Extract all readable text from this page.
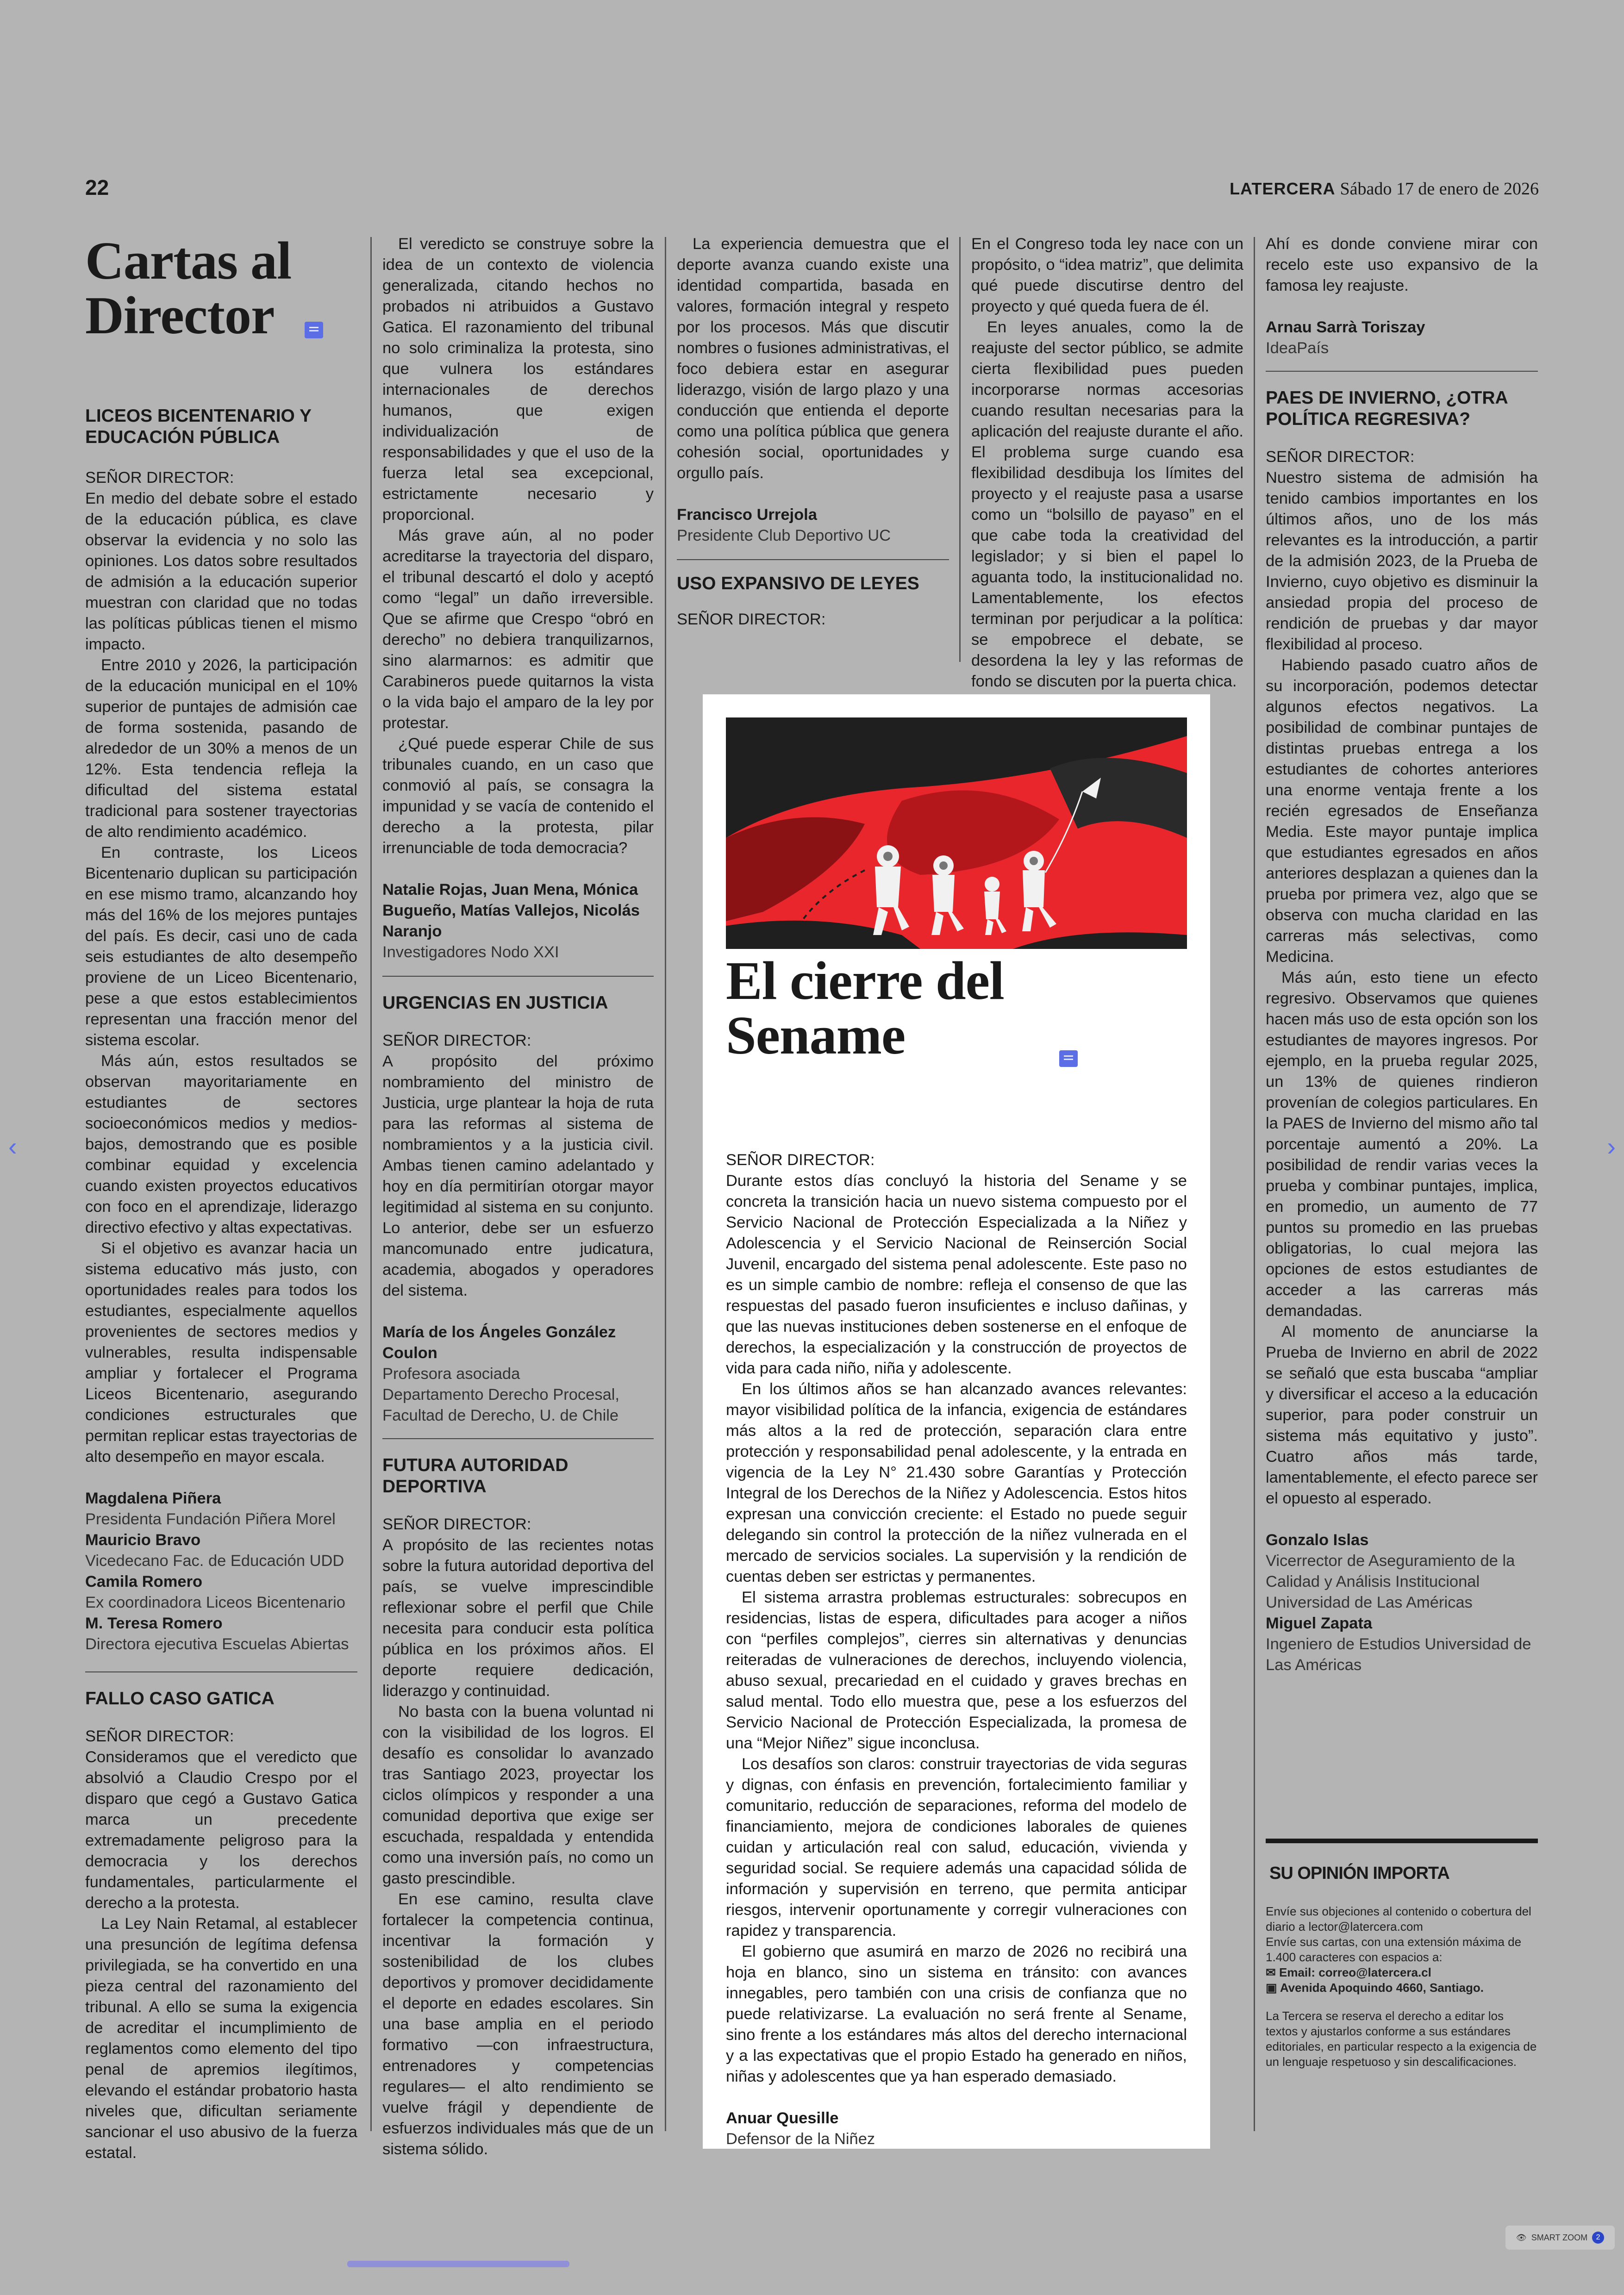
22	LATERCERA Sábado 17 de enero de 2026
Cartas al
Director

LICEOS BICENTENARIO Y
EDUCACIÓN PÚBLICA

SEÑOR DIRECTOR:

En medio del debate sobre el estado de la educación pública, es clave observar la evidencia y no solo las opiniones. Los datos sobre resultados de admisión a la educación superior muestran con claridad que no todas las políticas públicas tienen el mismo impacto.

Entre 2010 y 2026, la participación de la educación municipal en el 10% superior de puntajes de admisión cae de forma sostenida, pasando de alrededor de un 30% a menos de un 12%. Esta tendencia refleja la dificultad del sistema estatal tradicional para sostener trayectorias de alto rendimiento académico.

En contraste, los Liceos Bicentenario duplican su participación en ese mismo tramo, alcanzando hoy más del 16% de los mejores puntajes del país. Es decir, casi uno de cada seis estudiantes de alto desempeño proviene de un Liceo Bicentenario, pese a que estos establecimientos representan una fracción menor del sistema escolar.

Más aún, estos resultados se observan mayoritariamente en estudiantes de sectores socioeconómicos medios y medios-bajos, demostrando que es posible combinar equidad y excelencia cuando existen proyectos educativos con foco en el aprendizaje, liderazgo directivo efectivo y altas expectativas.

Si el objetivo es avanzar hacia un sistema educativo más justo, con oportunidades reales para todos los estudiantes, especialmente aquellos provenientes de sectores medios y vulnerables, resulta indispensable ampliar y fortalecer el Programa Liceos Bicentenario, asegurando condiciones estructurales que permitan replicar estas trayectorias de alto desempeño en mayor escala.

Magdalena Piñera
Presidenta Fundación Piñera Morel

Mauricio Bravo
Vicedecano Fac. de Educación UDD

Camila Romero
Ex coordinadora Liceos Bicentenario

M. Teresa Romero
Directora ejecutiva Escuelas Abiertas

FALLO CASO GATICA

SEÑOR DIRECTOR:

Consideramos que el veredicto que absolvió a Claudio Crespo por el disparo que cegó a Gustavo Gatica marca un precedente extremadamente peligroso para la democracia y los derechos fundamentales, particularmente el derecho a la protesta.

La Ley Nain Retamal, al establecer una presunción de legítima defensa privilegiada, se ha convertido en una pieza central del razonamiento del tribunal. A ello se suma la exigencia de acreditar el incumplimiento de reglamentos como elemento del tipo penal de apremios ilegítimos, elevando el estándar probatorio hasta niveles que, dificultan seriamente sancionar el uso abusivo de la fuerza estatal.

El veredicto se construye sobre la idea de un contexto de violencia generalizada, citando hechos no probados ni atribuidos a Gustavo Gatica. El razonamiento del tribunal no solo criminaliza la protesta, sino que vulnera los estándares internacionales de derechos humanos, que exigen individualización de responsabilidades y que el uso de la fuerza letal sea excepcional, estrictamente necesario y proporcional.

Más grave aún, al no poder acreditarse la trayectoria del disparo, el tribunal descartó el dolo y aceptó como “legal” un daño irreversible. Que se afirme que Crespo “obró en derecho” no debiera tranquilizarnos, sino alarmarnos: es admitir que Carabineros puede quitarnos la vista o la vida bajo el amparo de la ley por protestar.

¿Qué puede esperar Chile de sus tribunales cuando, en un caso que conmovió al país, se consagra la impunidad y se vacía de contenido el derecho a la protesta, pilar irrenunciable de toda democracia?

Natalie Rojas, Juan Mena, Mónica Bugueño, Matías Vallejos, Nicolás Naranjo
Investigadores Nodo XXI

URGENCIAS EN JUSTICIA

SEÑOR DIRECTOR:

A propósito del próximo nombramiento del ministro de Justicia, urge plantear la hoja de ruta para las reformas al sistema de nombramientos y a la justicia civil. Ambas tienen camino adelantado y hoy en día permitirían otorgar mayor legitimidad al sistema en su conjunto. Lo anterior, debe ser un esfuerzo mancomunado entre judicatura, academia, abogados y operadores del sistema.

María de los Ángeles González Coulon
Profesora asociada
Departamento Derecho Procesal,
Facultad de Derecho, U. de Chile

FUTURA AUTORIDAD
DEPORTIVA

SEÑOR DIRECTOR:

A propósito de las recientes notas sobre la futura autoridad deportiva del país, se vuelve imprescindible reflexionar sobre el perfil que Chile necesita para conducir esta política pública en los próximos años. El deporte requiere dedicación, liderazgo y continuidad.

No basta con la buena voluntad ni con la visibilidad de los logros. El desafío es consolidar lo avanzado tras Santiago 2023, proyectar los ciclos olímpicos y responder a una comunidad deportiva que exige ser escuchada, respaldada y entendida como una inversión país, no como un gasto prescindible.

En ese camino, resulta clave fortalecer la competencia continua, incentivar la formación y sostenibilidad de los clubes deportivos y promover decididamente el deporte en edades escolares. Sin una base amplia en el periodo formativo —con infraestructura, entrenadores y competencias regulares— el alto rendimiento se vuelve frágil y dependiente de esfuerzos individuales más que de un sistema sólido.

La experiencia demuestra que el deporte avanza cuando existe una identidad compartida, basada en valores, formación integral y respeto por los procesos. Más que discutir nombres o fusiones administrativas, el foco debiera estar en asegurar liderazgo, visión de largo plazo y una conducción que entienda el deporte como una política pública que genera cohesión social, oportunidades y orgullo país.

Francisco Urrejola
Presidente Club Deportivo UC

USO EXPANSIVO DE LEYES

SEÑOR DIRECTOR:

En el Congreso toda ley nace con un propósito, o “idea matriz”, que delimita qué puede discutirse dentro del proyecto y qué queda fuera de él.

En leyes anuales, como la de reajuste del sector público, se admite cierta flexibilidad pues pueden incorporarse normas accesorias cuando resultan necesarias para la aplicación del reajuste durante el año. El problema surge cuando esa flexibilidad desdibuja los límites del proyecto y el reajuste pasa a usarse como un “bolsillo de payaso” en el que cabe toda la creatividad del legislador; y si bien el papel lo aguanta todo, la institucionalidad no. Lamentablemente, los efectos terminan por perjudicar a la política: se empobrece el debate, se desordena la ley y las reformas de fondo se discuten por la puerta chica.

Ahí es donde conviene mirar con recelo este uso expansivo de la famosa ley reajuste.

Arnau Sarrà Toriszay
IdeaPaís

PAES DE INVIERNO, ¿OTRA
POLÍTICA REGRESIVA?

SEÑOR DIRECTOR:

Nuestro sistema de admisión ha tenido cambios importantes en los últimos años, uno de los más relevantes es la introducción, a partir de la admisión 2023, de la Prueba de Invierno, cuyo objetivo es disminuir la ansiedad propia del proceso de rendición de pruebas y dar mayor flexibilidad al proceso.

Habiendo pasado cuatro años de su incorporación, podemos detectar algunos efectos negativos. La posibilidad de combinar puntajes de distintas pruebas entrega a los estudiantes de cohortes anteriores una enorme ventaja frente a los recién egresados de Enseñanza Media. Este mayor puntaje implica que estudiantes egresados en años anteriores desplazan a quienes dan la prueba por primera vez, algo que se observa con mucha claridad en las carreras más selectivas, como Medicina.

Más aún, esto tiene un efecto regresivo. Observamos que quienes hacen más uso de esta opción son los estudiantes de mayores ingresos. Por ejemplo, en la prueba regular 2025, un 13% de quienes rindieron provenían de colegios particulares. En la PAES de Invierno del mismo año tal porcentaje aumentó a 20%. La posibilidad de rendir varias veces la prueba y combinar puntajes, implica, en promedio, un aumento de 77 puntos su promedio en las pruebas obligatorias, lo cual mejora las opciones de estos estudiantes de acceder a las carreras más demandadas.

Al momento de anunciarse la Prueba de Invierno en abril de 2022 se señaló que esta buscaba “ampliar y diversificar el acceso a la educación superior, para poder construir un sistema más equitativo y justo”. Cuatro años más tarde, lamentablemente, el efecto parece ser el opuesto al esperado.

Gonzalo Islas
Vicerrector de Aseguramiento de la Calidad y Análisis Institucional Universidad de Las Américas

Miguel Zapata
Ingeniero de Estudios Universidad de Las Américas

SU OPINIÓN IMPORTA
Envíe sus objeciones al contenido o cobertura del diario a lector@latercera.com
Envíe sus cartas, con una extensión máxima de 1.400 caracteres con espacios a:
✉ Email: correo@latercera.cl
▣ Avenida Apoquindo 4660, Santiago.
La Tercera se reserva el derecho a editar los textos y ajustarlos conforme a sus estándares editoriales, en particular respecto a la exigencia de un lenguaje respetuoso y sin descalificaciones.
El cierre del
Sename

SEÑOR DIRECTOR:

Durante estos días concluyó la historia del Sename y se concreta la transición hacia un nuevo sistema compuesto por el Servicio Nacional de Protección Especializada a la Niñez y Adolescencia y el Servicio Nacional de Reinserción Social Juvenil, encargado del sistema penal adolescente. Este paso no es un simple cambio de nombre: refleja el consenso de que las respuestas del pasado fueron insuficientes e incluso dañinas, y que las nuevas instituciones deben sostenerse en el enfoque de derechos, la especialización y la construcción de proyectos de vida para cada niño, niña y adolescente.

En los últimos años se han alcanzado avances relevantes: mayor visibilidad política de la infancia, exigencia de estándares más altos a la red de protección, separación clara entre protección y responsabilidad penal adolescente, y la entrada en vigencia de la Ley N° 21.430 sobre Garantías y Protección Integral de los Derechos de la Niñez y Adolescencia. Estos hitos expresan una convicción creciente: el Estado no puede seguir delegando sin control la protección de la niñez vulnerada en el mercado de servicios sociales. La supervisión y la rendición de cuentas deben ser estrictas y permanentes.

El sistema arrastra problemas estructurales: sobrecupos en residencias, listas de espera, dificultades para acoger a niños con “perfiles complejos”, cierres sin alternativas y denuncias reiteradas de vulneraciones de derechos, incluyendo violencia, abuso sexual, precariedad en el cuidado y graves brechas en salud mental. Todo ello muestra que, pese a los esfuerzos del Servicio Nacional de Protección Especializada, la promesa de una “Mejor Niñez” sigue inconclusa.

Los desafíos son claros: construir trayectorias de vida seguras y dignas, con énfasis en prevención, fortalecimiento familiar y comunitario, reducción de separaciones, reforma del modelo de financiamiento, mejora de condiciones laborales de quienes cuidan y articulación real con salud, educación, vivienda y seguridad social. Se requiere además una capacidad sólida de información y supervisión en terreno, que permita anticipar riesgos, intervenir oportunamente y corregir vulneraciones con rapidez y transparencia.

El gobierno que asumirá en marzo de 2026 no recibirá una hoja en blanco, sino un sistema en tránsito: con avances innegables, pero también con una crisis de confianza que no puede relativizarse. La evaluación no será frente al Sename, sino frente a los estándares más altos del derecho internacional y a las expectativas que el propio Estado ha generado en niños, niñas y adolescentes que ya han esperado demasiado.

Anuar Quesille
Defensor de la Niñez

‹	›
👁 SMART ZOOM	2
